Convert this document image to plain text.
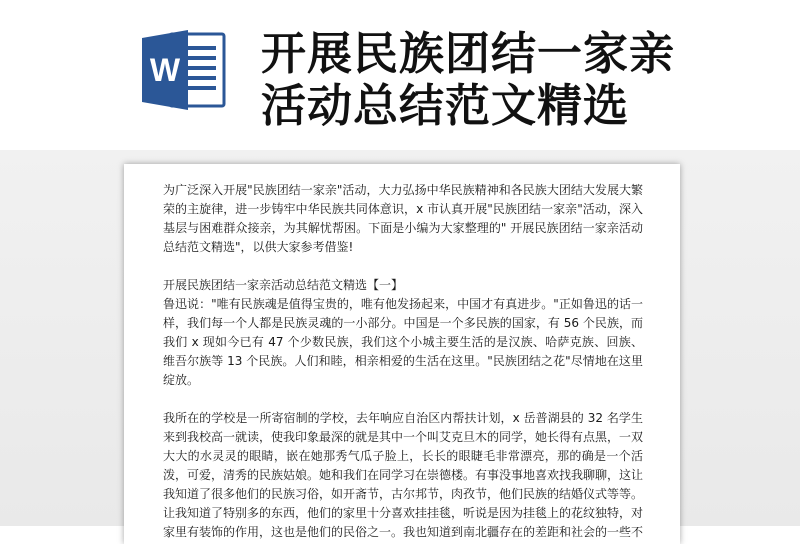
W 开展民族团结一家亲
活动总结范文精选

为广泛深入开展"民族团结一家亲"活动，大力弘扬中华民族精神和各民族大团结大发展大繁荣的主旋律，进一步铸牢中华民族共同体意识，x 市认真开展"民族团结一家亲"活动，深入基层与困难群众接亲，为其解忧帮困。下面是小编为大家整理的" 开展民族团结一家亲活动总结范文精选"，以供大家参考借鉴!

开展民族团结一家亲活动总结范文精选【一】

鲁迅说："唯有民族魂是值得宝贵的，唯有他发扬起来，中国才有真进步。"正如鲁迅的话一样，我们每一个人都是民族灵魂的一小部分。中国是一个多民族的国家，有 56 个民族，而我们 x 现如今已有 47 个少数民族，我们这个小城主要生活的是汉族、哈萨克族、回族、维吾尔族等 13 个民族。人们和睦，相亲相爱的生活在这里。"民族团结之花"尽情地在这里绽放。

我所在的学校是一所寄宿制的学校，去年响应自治区内帮扶计划，x 岳普湖县的 32 名学生来到我校高一就读，使我印象最深的就是其中一个叫艾克旦木的同学，她长得有点黑，一双大大的水灵灵的眼睛，嵌在她那秀气瓜子脸上，长长的眼睫毛非常漂亮，那的确是一个活泼，可爱，清秀的民族姑娘。她和我们在同学习在崇德楼。有事没事地喜欢找我聊聊，这让我知道了很多他们的民族习俗，如开斋节，古尔邦节，肉孜节，他们民族的结婚仪式等等。让我知道了特别多的东西，他们的家里十分喜欢挂挂毯，听说是因为挂毯上的花纹独特，对家里有装饰的作用，这也是他们的民俗之一。我也知道到南北疆存在的差距和社会的一些不
